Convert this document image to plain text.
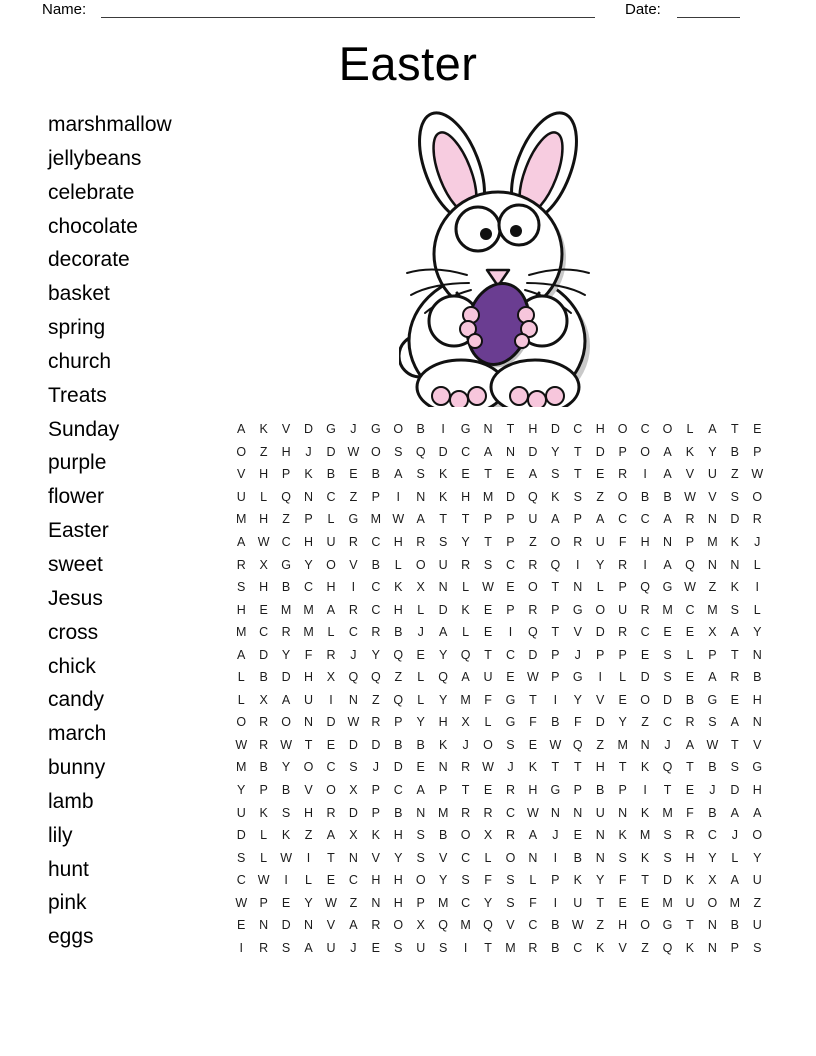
Name:	Date:
Easter
marshmallow
jellybeans
celebrate
chocolate
decorate
basket
spring
church
Treats
Sunday
purple
flower
Easter
sweet
Jesus
cross
chick
candy
march
bunny
lamb
lily
hunt
pink
eggs
A	K	V	D	G	J	G	O	B	I	G	N	T	H	D	C	H	O	C	O	L	A	T	E
O	Z	H	J	D W O	S	Q	D	C	A	N	D	Y	T	D	P	O	A	K	Y	B	P
V	H	P	K	B	E	B	A	S	K	E	T	E	A	S	T	E	R	I	A	V	U	Z	W
U	L	Q	N	C	Z	P	I	N	K	H	M	D	Q	K	S	Z	O	B	B W V	S	O
M	H	Z	P	L	G M W A	T	T	P	P	U	A	P	A	C	C	A	R	N	D	R
A W C	H	U	R	C	H	R	S	Y	T	P	Z	O	R	U	F	H	N	P	M	K	J
R	X	G	Y	O	V	B	L	O	U	R	S	C	R	Q	I	Y	R	I	A	Q	N	N	L
S	H	B	C	H	I	C	K	X	N	L	W E	O	T	N	L	P	Q	G W	Z	K	I
H	E	M M	A	R	C	H	L	D	K	E	P	R	P	G	O	U	R	M	C	M	S	L
M	C	R	M	L	C	R	B	J	A	L	E	I	Q	T	V	D	R	C	E	E	X	A	Y
A	D	Y	F	R	J	Y	Q	E	Y	Q	T	C	D	P	J	P	P	E	S	L	P	T	N
L	B	D	H	X	Q	Q	Z	L	Q	A	U	E W P	G	I	L	D	S	E	A	R	B
L	X	A	U	I	N	Z	Q	L	Y	M	F	G	T	I	Y	V	E	O	D	B	G	E	H
O	R	O	N	D W R	P	Y	H	X	L	G	F	B	F	D	Y	Z	C	R	S	A	N
W R W	T	E	D	D	B	B	K	J	O	S	E W Q	Z	M	N	J	A W	T	V
M	B	Y	O	C	S	J	D	E	N	R W	J	K	T	T	H	T	K	Q	T	B	S	G
Y	P	B	V	O	X	P	C	A	P	T	E	R	H	G	P	B	P	I	T	E	J	D	H
U	K	S	H	R	D	P	B	N	M	R	R	C W N	N	U	N	K	M	F	B	A	A
D	L	K	Z	A	X	K	H	S	B	O	X	R	A	J	E	N	K	M	S	R	C	J	O
S	L	W	I	T	N	V	Y	S	V	C	L	O	N	I	B	N	S	K	S	H	Y	L	Y
C W	I	L	E	C	H	H	O	Y	S	F	S	L	P	K	Y	F	T	D	K	X	A	U
W P	E	Y W	Z	N	H	P	M	C	Y	S	F	I	U	T	E	E	M	U	O M	Z
E	N	D	N	V	A	R	O	X	Q M Q	V	C	B W	Z	H	O	G	T	N	B	U
I	R	S	A	U	J	E	S	U	S	I	T	M	R	B	C	K	V	Z	Q	K	N	P	S
